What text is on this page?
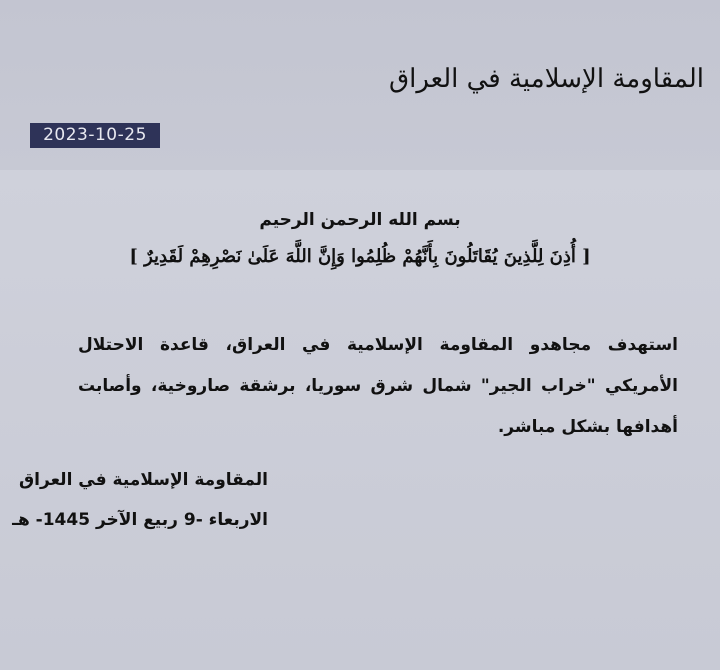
المقاومة الإسلامية في العراق
2023-10-25
بسم الله الرحمن الرحيم
[ أُذِنَ لِلَّذِينَ يُقَاتَلُونَ بِأَنَّهُمْ ظُلِمُوا وَإِنَّ اللَّهَ عَلَىٰ نَصْرِهِمْ لَقَدِيرٌ ]
استهدف مجاهدو المقاومة الإسلامية في العراق، قاعدة الاحتلال الأمريكي "خراب الجير" شمال شرق سوريا، برشقة صاروخية، وأصابت أهدافها بشكل مباشر.
المقاومة الإسلامية في العراق
الاربعاء -9 ربيع الآخر 1445- هـ
